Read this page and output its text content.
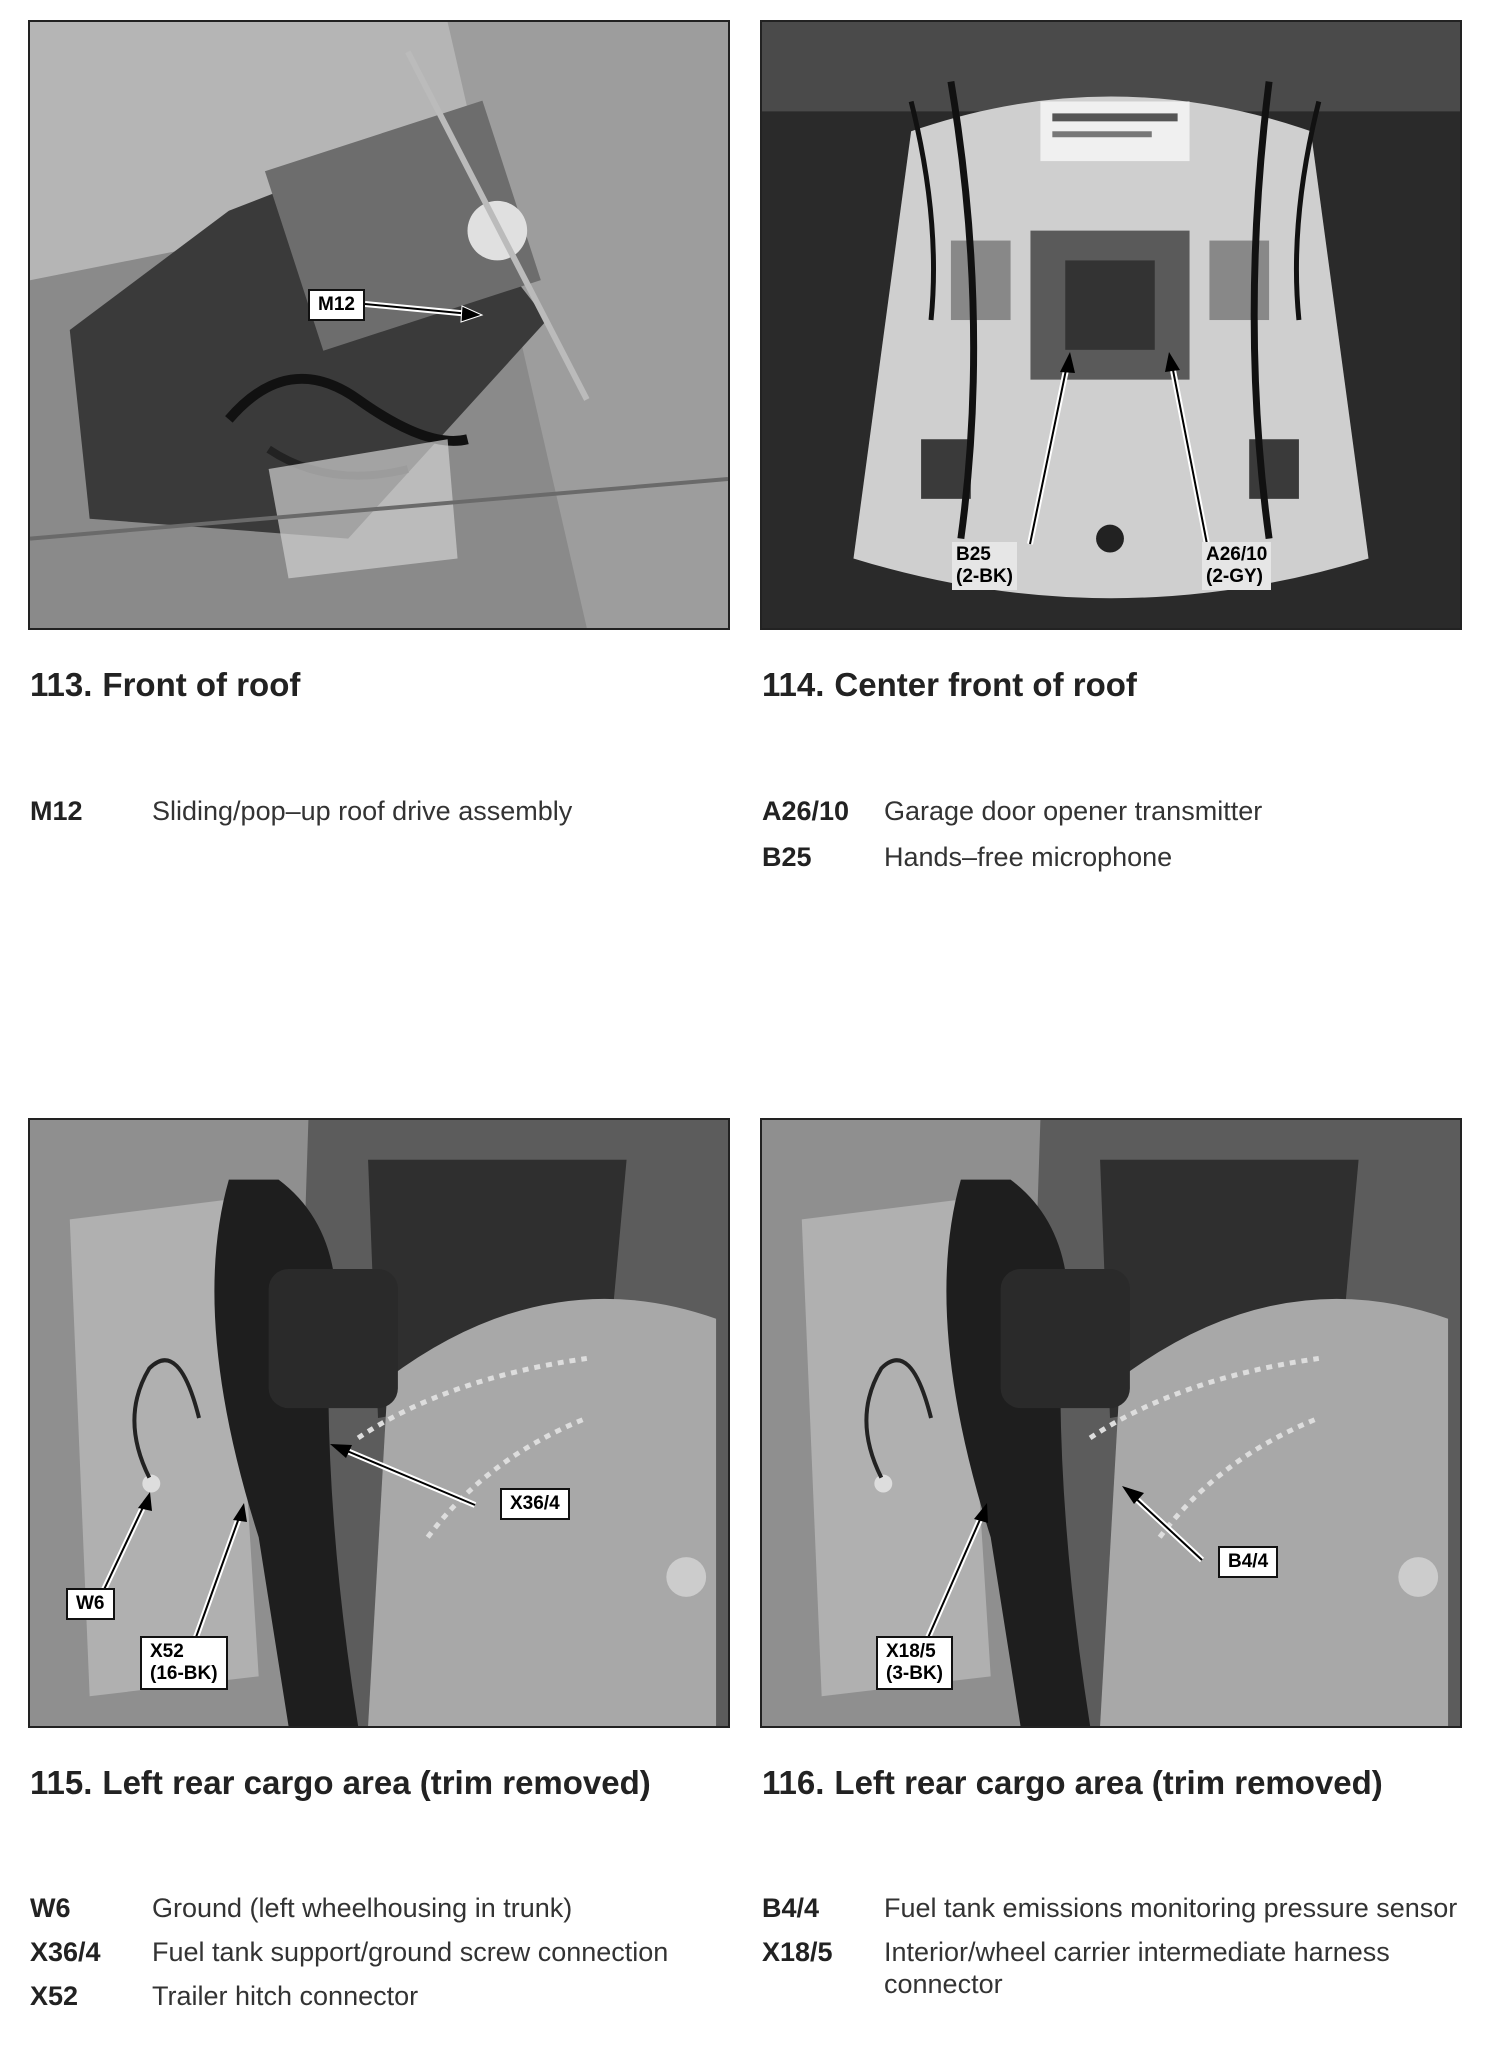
M12
113. Front of roof
M12	Sliding/pop–up roof drive assembly
B25
(2-BK)
A26/10
(2-GY)
114. Center front of roof
A26/10	Garage door opener transmitter
B25	Hands–free microphone
X36/4
W6
X52
(16-BK)
115. Left rear cargo area (trim removed)
W6	Ground (left wheelhousing in trunk)
X36/4	Fuel tank support/ground screw connection
X52	Trailer hitch connector
B4/4
X18/5
(3-BK)
116. Left rear cargo area (trim removed)
B4/4	Fuel tank emissions monitoring pressure sensor
X18/5	Interior/wheel carrier intermediate harness connector
